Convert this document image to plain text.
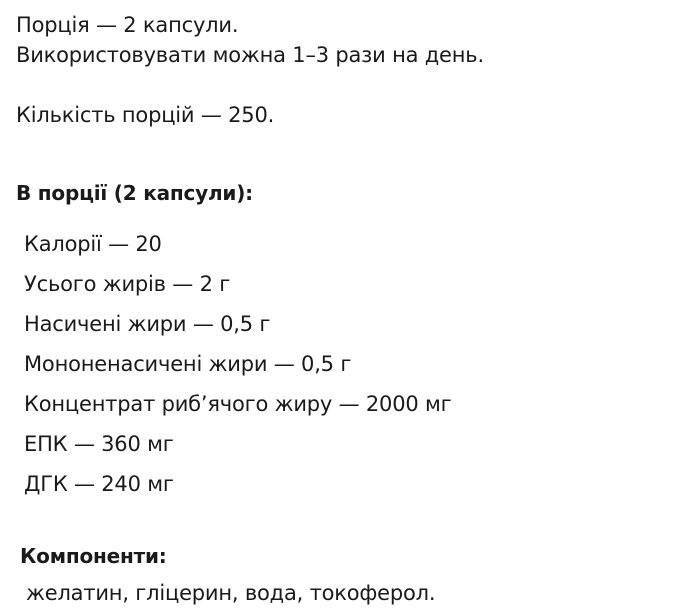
Порція — 2 капсули.
Використовувати можна 1–3 рази на день.
Кількість порцій — 250.
В порції (2 капсули):
Калорії — 20
Усього жирів — 2 г
Насичені жири — 0,5 г
Мононенасичені жири — 0,5 г
Концентрат риб’ячого жиру — 2000 мг
ЕПК — 360 мг
ДГК — 240 мг
Компоненти:
желатин, гліцерин, вода, токоферол.
